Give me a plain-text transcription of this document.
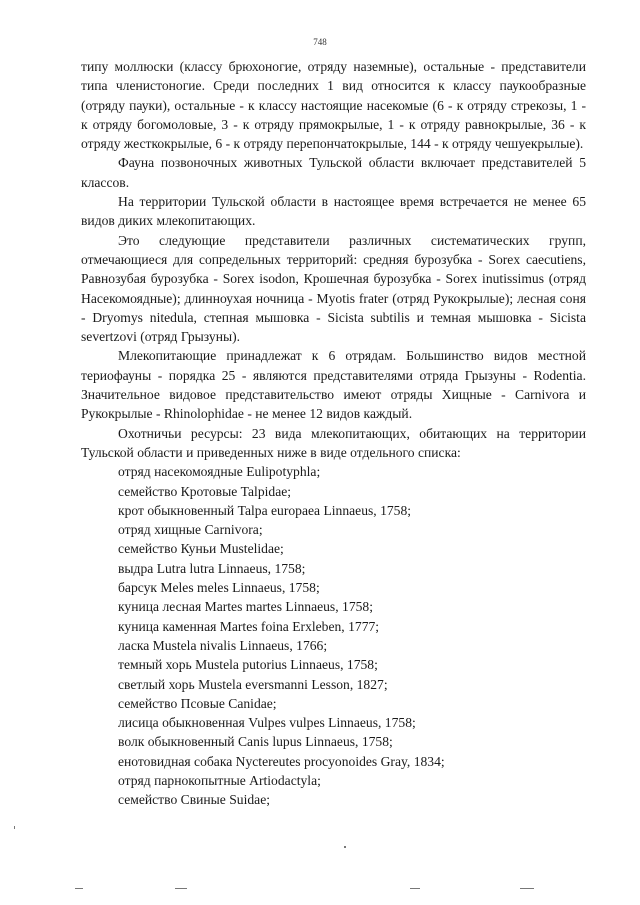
748

типу моллюски (классу брюхоногие, отряду наземные), остальные - представители типа членистоногие. Среди последних 1 вид относится к классу паукообразные (отряду пауки), остальные - к классу настоящие насекомые (6 - к отряду стрекозы, 1 - к отряду богомоловые, 3 - к отряду прямокрылые, 1 - к отряду равнокрылые, 36 - к отряду жесткокрылые, 6 - к отряду перепончатокрылые, 144 - к отряду чешуекрылые).

Фауна позвоночных животных Тульской области включает представителей 5 классов.

На территории Тульской области в настоящее время встречается не менее 65 видов диких млекопитающих.

Это следующие представители различных систематических групп, отмечающиеся для сопредельных территорий: средняя бурозубка - Sorex caecutiens, Равнозубая бурозубка - Sorex isodon, Крошечная бурозубка - Sorex inutissimus (отряд Насекомоядные); длинноухая ночница - Myotis frater (отряд Рукокрылые); лесная соня - Dryomys nitedula, степная мышовка - Sicista subtilis и темная мышовка - Sicista severtzovi (отряд Грызуны).

Млекопитающие принадлежат к 6 отрядам. Большинство видов местной териофауны - порядка 25 - являются представителями отряда Грызуны - Rodentia. Значительное видовое представительство имеют отряды Хищные - Carnivora и Рукокрылые - Rhinolophidae - не менее 12 видов каждый.

Охотничьи ресурсы: 23 вида млекопитающих, обитающих на территории Тульской области и приведенных ниже в виде отдельного списка:

отряд насекомоядные Eulipotyphla;

семейство Кротовые Talpidae;

крот обыкновенный Talpa europaea Linnaeus, 1758;

отряд хищные Carnivora;

семейство Куньи Mustelidae;

выдра Lutra lutra Linnaeus, 1758;

барсук Meles meles Linnaeus, 1758;

куница лесная Martes martes Linnaeus, 1758;

куница каменная Martes foina Erxleben, 1777;

ласка Mustela nivalis Linnaeus, 1766;

темный хорь Mustela putorius Linnaeus, 1758;

светлый хорь Mustela eversmanni Lesson, 1827;

семейство Псовые Canidae;

лисица обыкновенная Vulpes vulpes Linnaeus, 1758;

волк обыкновенный Canis lupus Linnaeus, 1758;

енотовидная собака Nyctereutes procyonoides Gray, 1834;

отряд парнокопытные Artiodactyla;

семейство Свиные Suidae;
